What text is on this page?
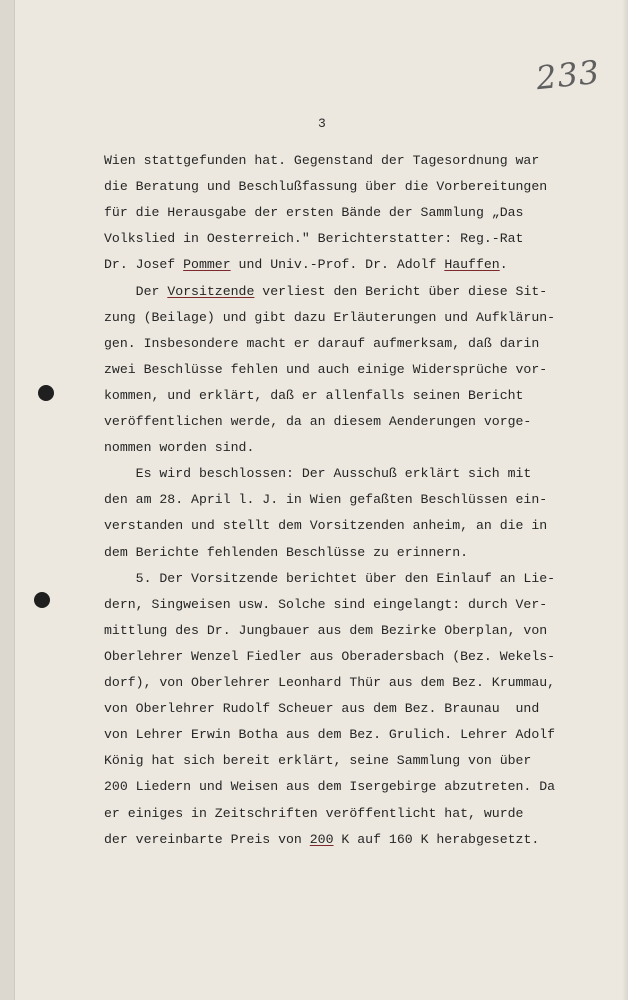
233
3
Wien stattgefunden hat. Gegenstand der Tagesordnung war
die Beratung und Beschlußfassung über die Vorbereitungen
für die Herausgabe der ersten Bände der Sammlung „Das
Volkslied in Oesterreich." Berichterstatter: Reg.-Rat
Dr. Josef Pommer und Univ.-Prof. Dr. Adolf Hauffen.
Der Vorsitzende verliest den Bericht über diese Sit-
zung (Beilage) und gibt dazu Erläuterungen und Aufklärun-
gen. Insbesondere macht er darauf aufmerksam, daß darin
zwei Beschlüsse fehlen und auch einige Widersprüche vor-
kommen, und erklärt, daß er allenfalls seinen Bericht
veröffentlichen werde, da an diesem Aenderungen vorge-
nommen worden sind.
Es wird beschlossen: Der Ausschuß erklärt sich mit
den am 28. April l. J. in Wien gefaßten Beschlüssen ein-
verstanden und stellt dem Vorsitzenden anheim, an die in
dem Berichte fehlenden Beschlüsse zu erinnern.
5. Der Vorsitzende berichtet über den Einlauf an Lie-
dern, Singweisen usw. Solche sind eingelangt: durch Ver-
mittlung des Dr. Jungbauer aus dem Bezirke Oberplan, von
Oberlehrer Wenzel Fiedler aus Oberadersbach (Bez. Wekels-
dorf), von Oberlehrer Leonhard Thür aus dem Bez. Krummau,
von Oberlehrer Rudolf Scheuer aus dem Bez. Braunau  und
von Lehrer Erwin Botha aus dem Bez. Grulich. Lehrer Adolf
König hat sich bereit erklärt, seine Sammlung von über
200 Liedern und Weisen aus dem Isergebirge abzutreten. Da
er einiges in Zeitschriften veröffentlicht hat, wurde
der vereinbarte Preis von 200 K auf 160 K herabgesetzt.
